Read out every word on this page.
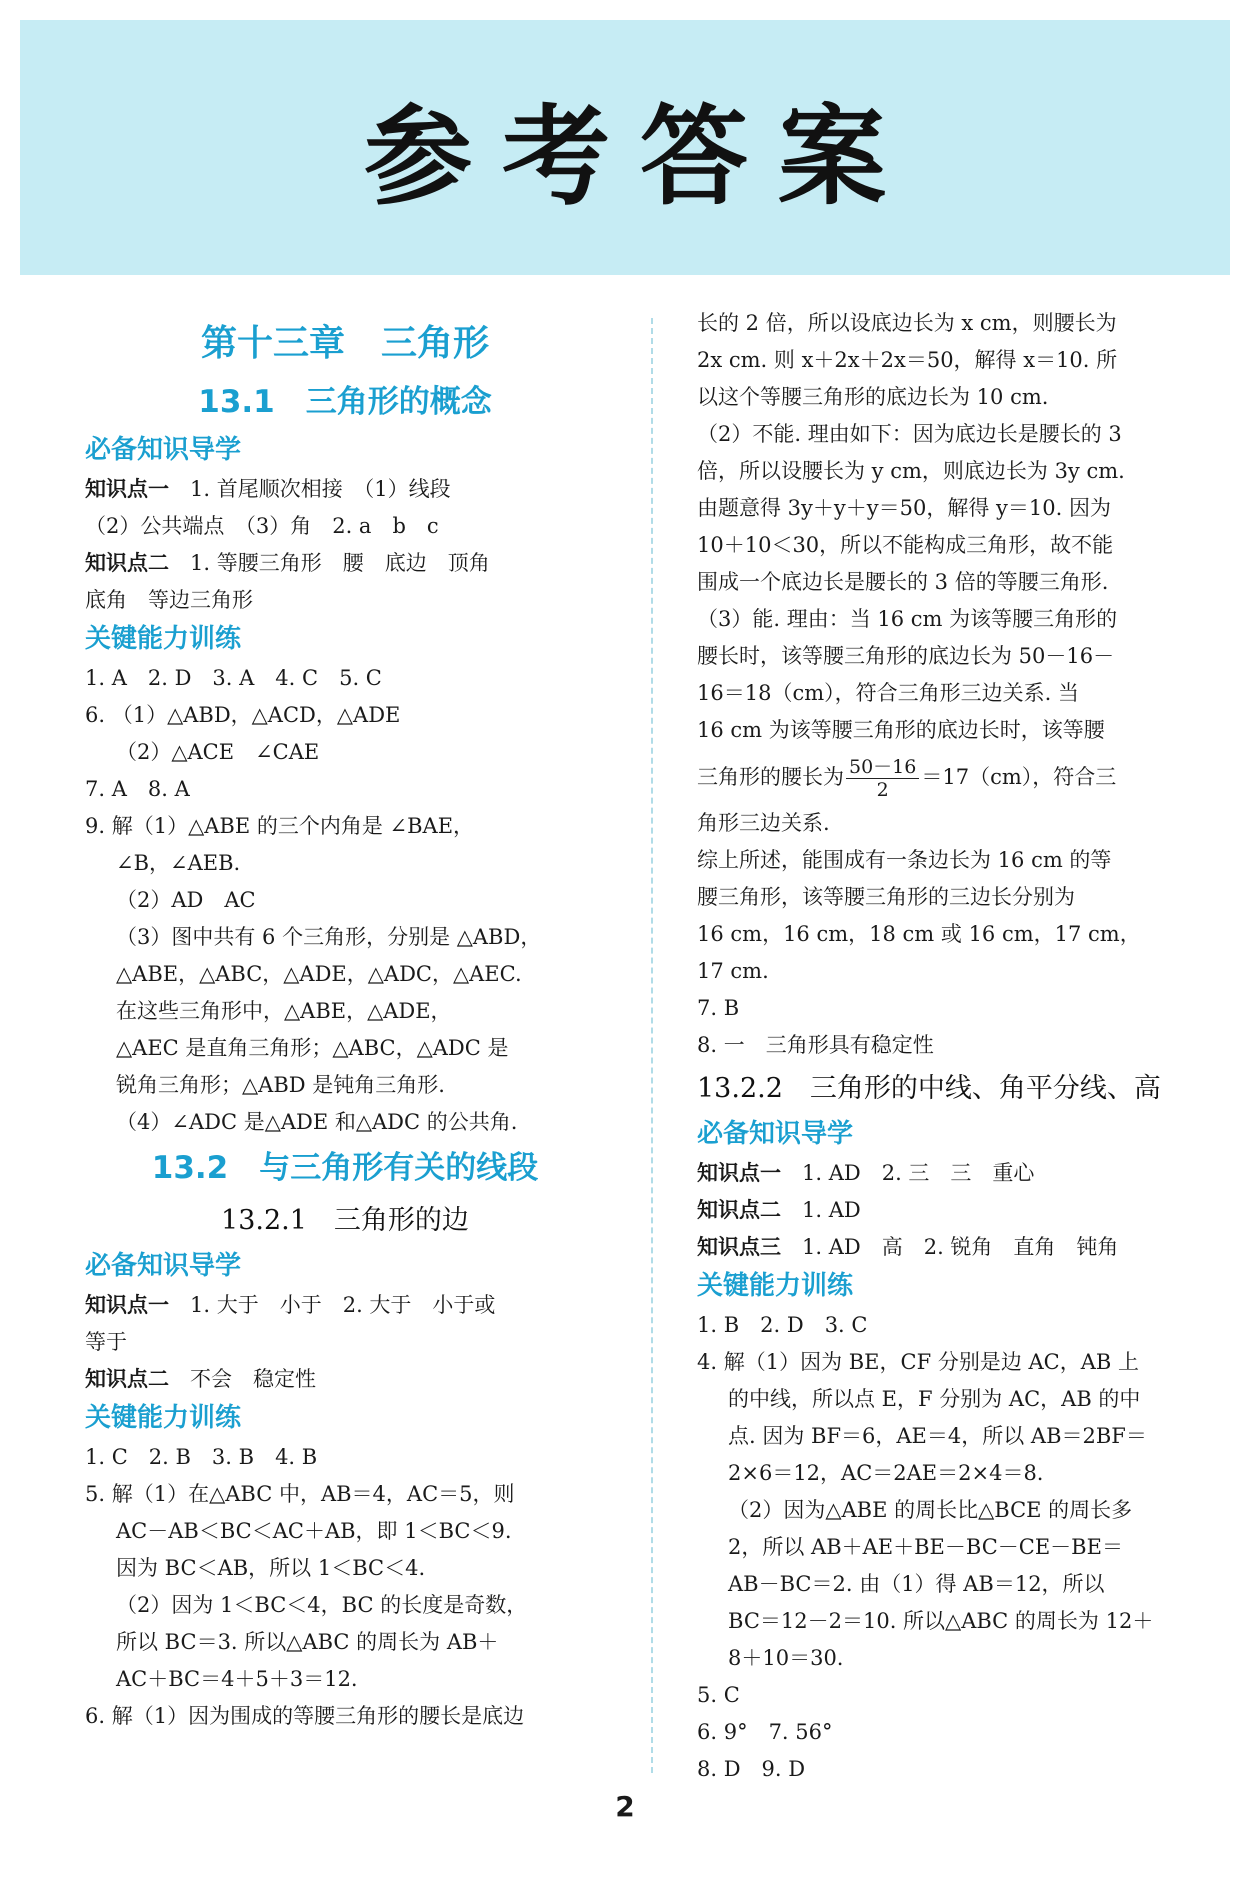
参考答案
第十三章　三角形
13.1　三角形的概念
必备知识导学
知识点一　 1. 首尾顺次相接　（1）线段
（2）公共端点　（3）角　2. a　b　c
知识点二　 1. 等腰三角形　腰　底边　顶角
底角　等边三角形
关键能力训练
1. A　2. D　3. A　4. C　5. C
6. （1）△ABD，△ACD，△ADE
（2）△ACE　∠CAE
7. A　8. A
9. 解（1）△ABE 的三个内角是 ∠BAE，
∠B，∠AEB.
（2）AD　AC
（3）图中共有 6 个三角形，分别是 △ABD，
△ABE，△ABC，△ADE，△ADC，△AEC.
在这些三角形中，△ABE，△ADE，
△AEC 是直角三角形；△ABC，△ADC 是
锐角三角形；△ABD 是钝角三角形.
（4）∠ADC 是△ADE 和△ADC 的公共角.
13.2　与三角形有关的线段
13.2.1　三角形的边
必备知识导学
知识点一　 1. 大于　小于　2. 大于　小于或
等于
知识点二　 不会　稳定性
关键能力训练
1. C　2. B　3. B　4. B
5. 解（1）在△ABC 中，AB＝4，AC＝5，则
AC－AB＜BC＜AC＋AB，即 1＜BC＜9.
因为 BC＜AB，所以 1＜BC＜4.
（2）因为 1＜BC＜4，BC 的长度是奇数，
所以 BC＝3. 所以△ABC 的周长为 AB＋
AC＋BC＝4＋5＋3＝12.
6. 解（1）因为围成的等腰三角形的腰长是底边
长的 2 倍，所以设底边长为 x cm，则腰长为
2x cm. 则 x＋2x＋2x＝50，解得 x＝10. 所
以这个等腰三角形的底边长为 10 cm.
（2）不能. 理由如下：因为底边长是腰长的 3
倍，所以设腰长为 y cm，则底边长为 3y cm.
由题意得 3y＋y＋y＝50，解得 y＝10. 因为
10＋10＜30，所以不能构成三角形，故不能
围成一个底边长是腰长的 3 倍的等腰三角形.
（3）能. 理由：当 16 cm 为该等腰三角形的
腰长时，该等腰三角形的底边长为 50－16－
16＝18（cm），符合三角形三边关系. 当
16 cm 为该等腰三角形的底边长时，该等腰
三角形的腰长为 $\frac{50-16}{2} =17(cm)$，符合三
角形三边关系.
综上所述，能围成有一条边长为 16 cm 的等
腰三角形，该等腰三角形的三边长分别为
16 cm，16 cm，18 cm 或 16 cm，17 cm，
17 cm.
7. B
8. 一　三角形具有稳定性
13.2.2　三角形的中线、角平分线、高
必备知识导学
知识点一　 1. AD　2. 三　三　重心
知识点二　 1. AD
知识点三　 1. AD　高　2. 锐角　直角　钝角
关键能力训练
1. B　2. D　3. C
4. 解（1）因为 BE，CF 分别是边 AC，AB 上
的中线，所以点 E，F 分别为 AC，AB 的中
点. 因为 BF＝6，AE＝4，所以 AB＝2BF＝
2×6＝12，AC＝2AE＝2×4＝8.
（2）因为△ABE 的周长比△BCE 的周长多
2，所以 AB＋AE＋BE－BC－CE－BE＝
AB－BC＝2. 由（1）得 AB＝12，所以
BC＝12－2＝10. 所以△ABC 的周长为 12＋
8＋10＝30.
5. C
6. 9°　7. 56°
8. D　9. D
2
